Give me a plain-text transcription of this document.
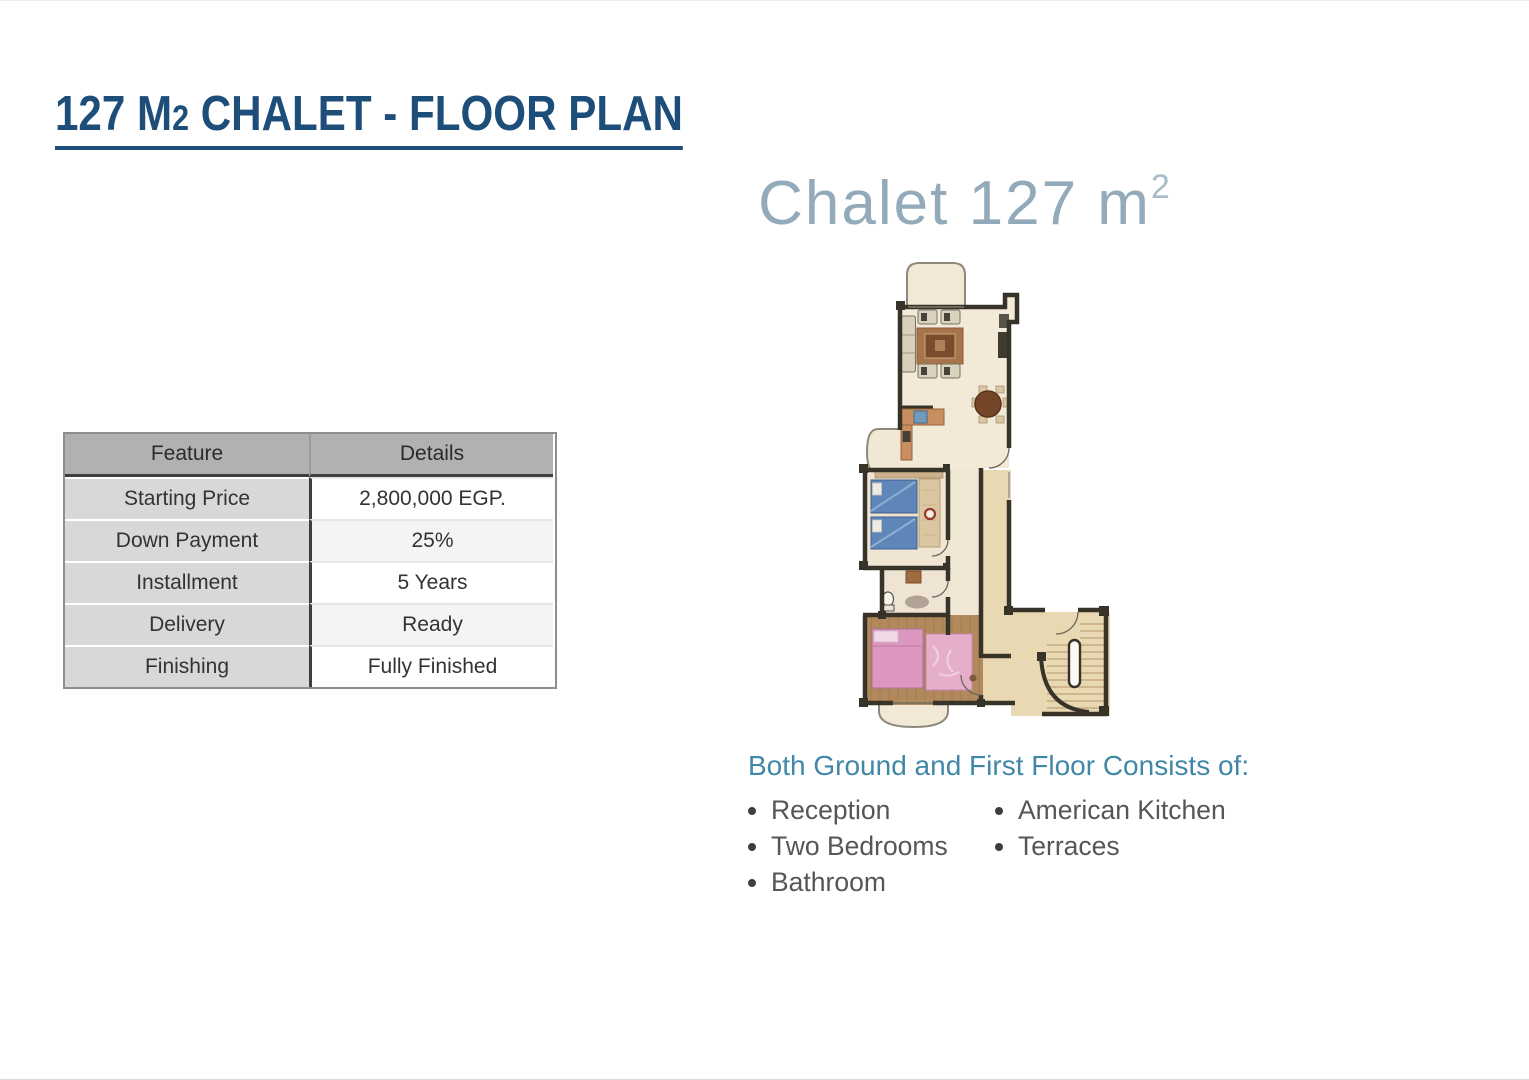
127 M2 CHALET - FLOOR PLAN
Chalet 127 $m^2$
Feature	Details
Starting Price	2,800,000 EGP.
Down Payment	25%
Installment	5 Years
Delivery	Ready
Finishing	Fully Finished
Both Ground and First Floor Consists of:
Reception
Two Bedrooms
Bathroom
American Kitchen
Terraces
